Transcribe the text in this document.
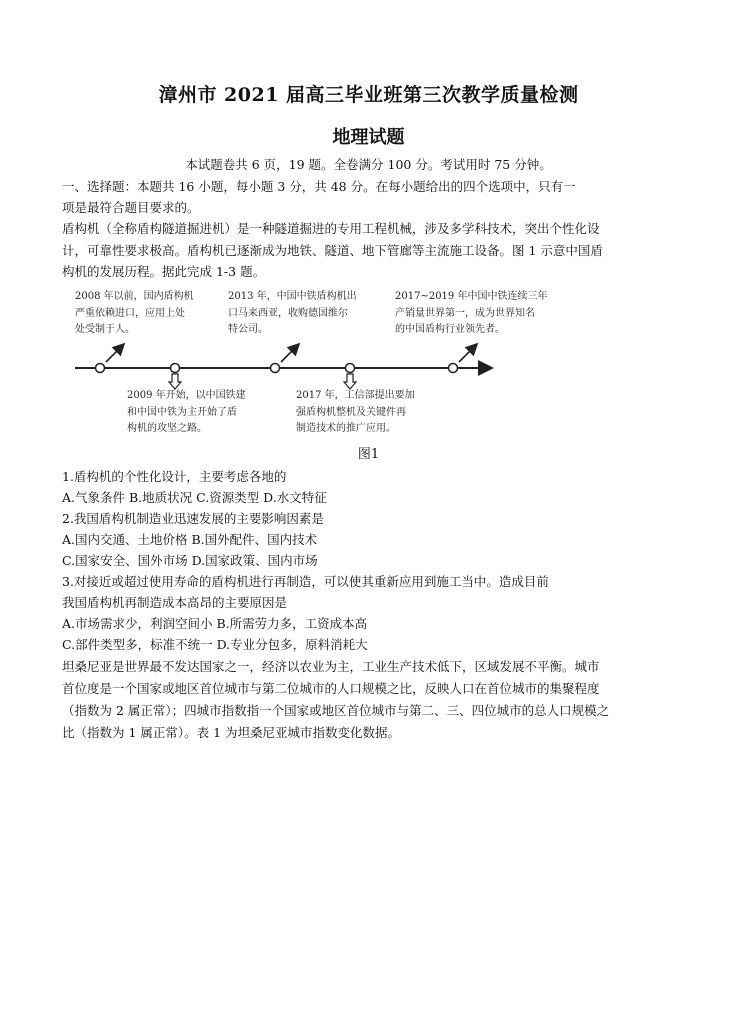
漳州市 2021 届高三毕业班第三次教学质量检测
地理试题
本试题卷共 6 页，19 题。全卷满分 100 分。考试用时 75 分钟。
一、选择题：本题共 16 小题，每小题 3 分，共 48 分。在每小题给出的四个选项中，只有一
项是最符合题目要求的。
盾构机（全称盾构隧道掘进机）是一种隧道掘进的专用工程机械，涉及多学科技术，突出个性化设
计，可靠性要求极高。盾构机已逐渐成为地铁、隧道、地下管廊等主流施工设备。图 1 示意中国盾
构机的发展历程。据此完成 1-3 题。
2008 年以前，国内盾构机
严重依赖进口，应用上处
处受制于人。
2013 年，中国中铁盾构机出
口马来西亚，收购德国维尔
特公司。
2017~2019 年中国中铁连续三年
产销量世界第一，成为世界知名
的中国盾构行业领先者。
2009 年开始，以中国铁建
和中国中铁为主开始了盾
构机的攻坚之路。
2017 年，工信部提出要加
强盾构机整机及关键件再
制造技术的推广应用。
图1
1.盾构机的个性化设计，主要考虑各地的
A.气象条件 B.地质状况 C.资源类型 D.水文特征
2.我国盾构机制造业迅速发展的主要影响因素是
A.国内交通、土地价格 B.国外配件、国内技术
C.国家安全、国外市场 D.国家政策、国内市场
3.对接近或超过使用寿命的盾构机进行再制造，可以使其重新应用到施工当中。造成目前
我国盾构机再制造成本高昂的主要原因是
A.市场需求少，利润空间小 B.所需劳力多，工资成本高
C.部件类型多，标准不统一 D.专业分包多，原料消耗大
坦桑尼亚是世界最不发达国家之一，经济以农业为主，工业生产技术低下，区域发展不平衡。城市
首位度是一个国家或地区首位城市与第二位城市的人口规模之比，反映人口在首位城市的集聚程度
（指数为 2 属正常）；四城市指数指一个国家或地区首位城市与第二、三、四位城市的总人口规模之
比（指数为 1 属正常）。表 1 为坦桑尼亚城市指数变化数据。
